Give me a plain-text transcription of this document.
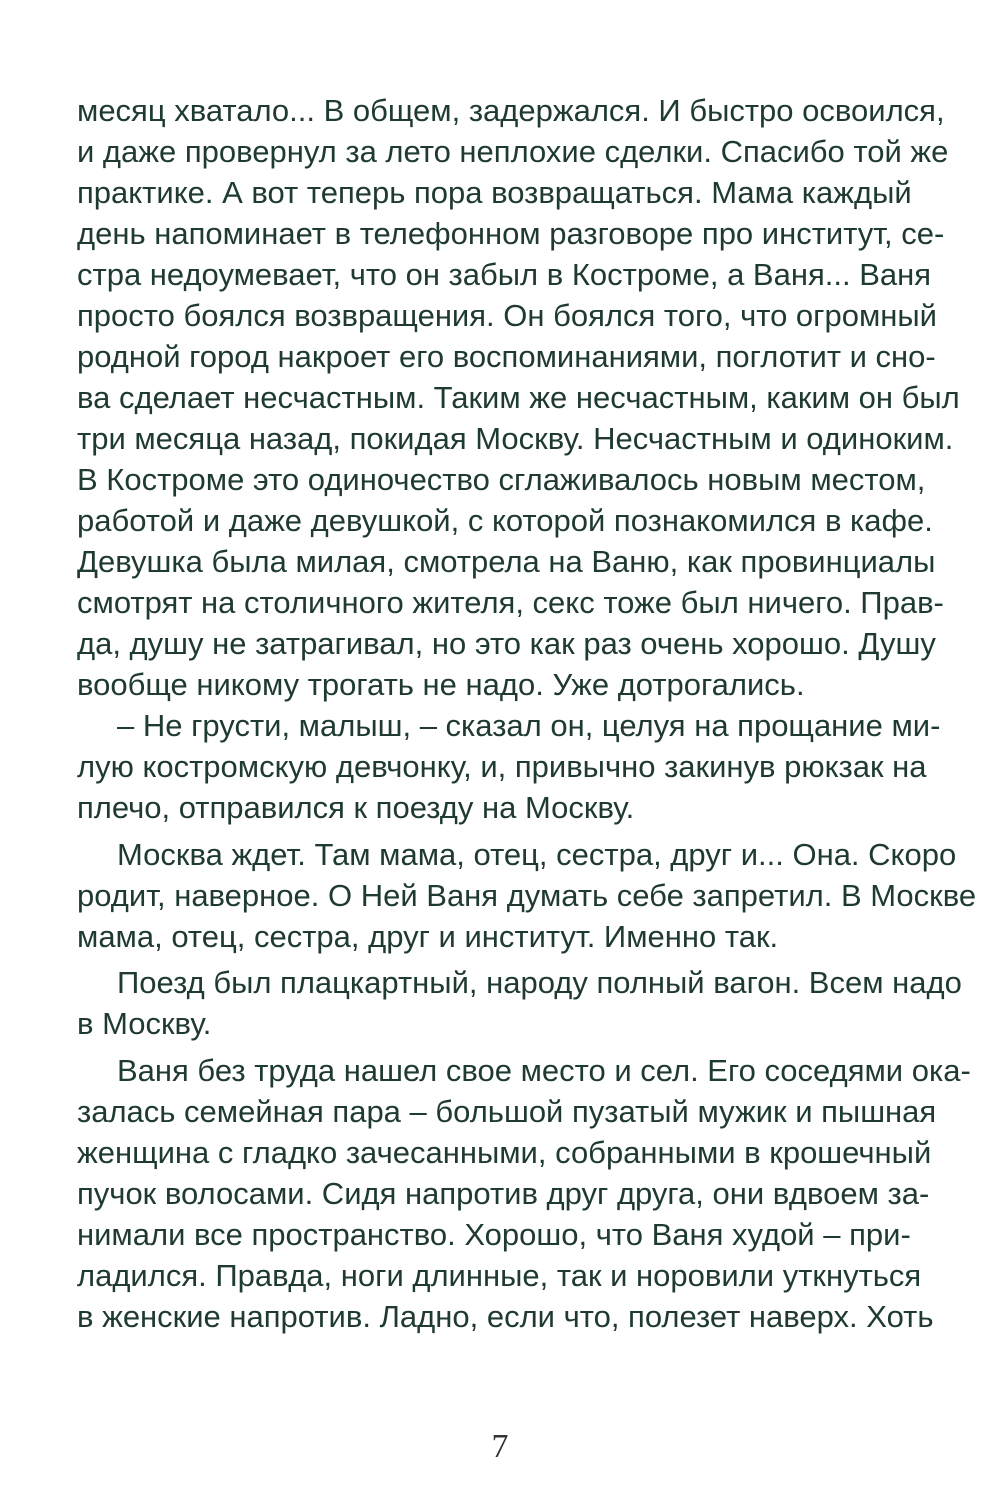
месяц хватало... В общем, задержался. И быстро освоился,
и даже провернул за лето неплохие сделки. Спасибо той же
практике. А вот теперь пора возвращаться. Мама каждый
день напоминает в телефонном разговоре про институт, се-
стра недоумевает, что он забыл в Костроме, а Ваня... Ваня
просто боялся возвращения. Он боялся того, что огромный
родной город накроет его воспоминаниями, поглотит и сно-
ва сделает несчастным. Таким же несчастным, каким он был
три месяца назад, покидая Москву. Несчастным и одиноким.
В Костроме это одиночество сглаживалось новым местом,
работой и даже девушкой, с которой познакомился в кафе.
Девушка была милая, смотрела на Ваню, как провинциалы
смотрят на столичного жителя, секс тоже был ничего. Прав-
да, душу не затрагивал, но это как раз очень хорошо. Душу
вообще никому трогать не надо. Уже дотрогались.
– Не грусти, малыш, – сказал он, целуя на прощание ми-
лую костромскую девчонку, и, привычно закинув рюкзак на
плечо, отправился к поезду на Москву.
Москва ждет. Там мама, отец, сестра, друг и... Она. Скоро
родит, наверное. О Ней Ваня думать себе запретил. В Москве
мама, отец, сестра, друг и институт. Именно так.
Поезд был плацкартный, народу полный вагон. Всем надо
в Москву.
Ваня без труда нашел свое место и сел. Его соседями ока-
залась семейная пара – большой пузатый мужик и пышная
женщина с гладко зачесанными, собранными в крошечный
пучок волосами. Сидя напротив друг друга, они вдвоем за-
нимали все пространство. Хорошо, что Ваня худой – при-
ладился. Правда, ноги длинные, так и норовили уткнуться
в женские напротив. Ладно, если что, полезет наверх. Хоть
7
